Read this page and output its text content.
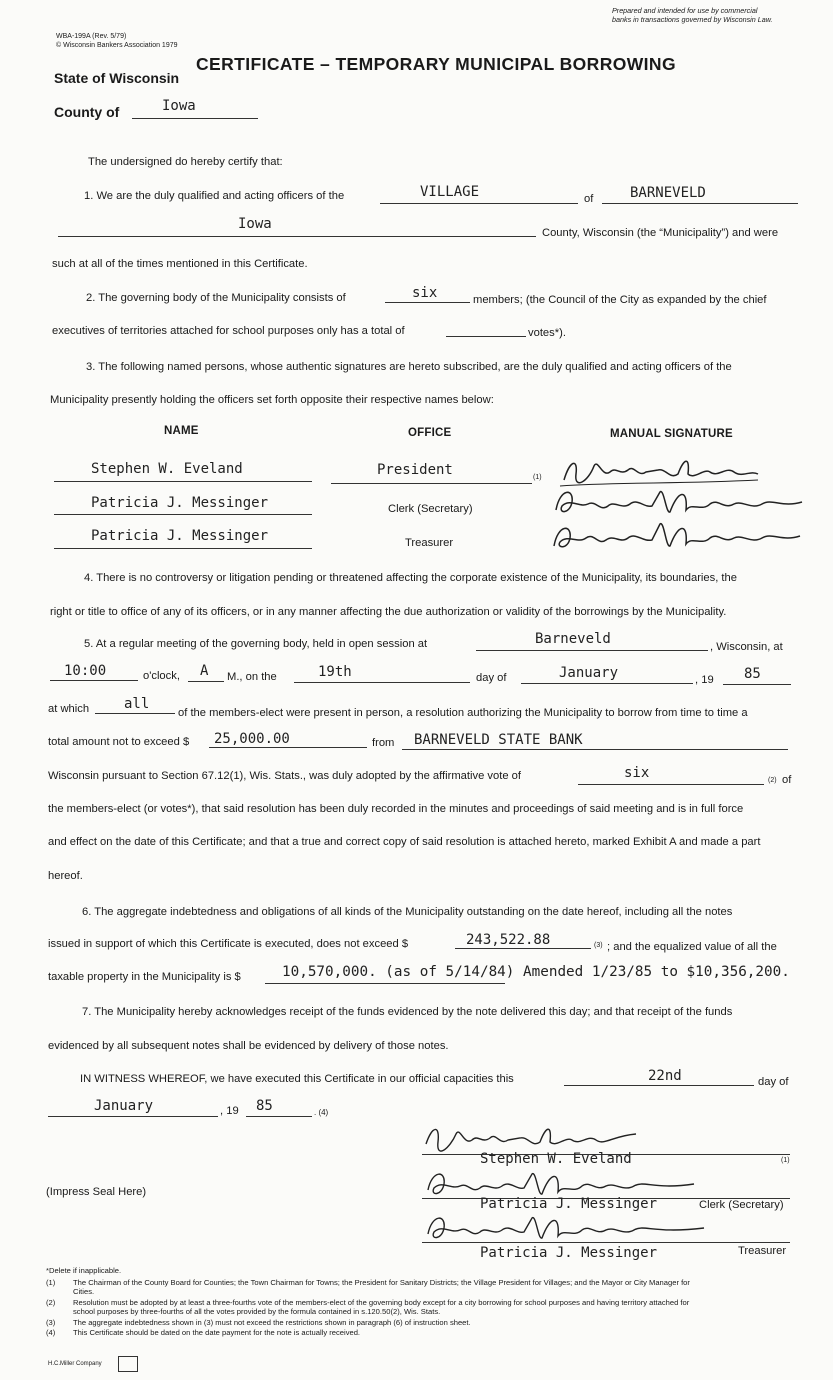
Prepared and intended for use by commercial
banks in transactions governed by Wisconsin Law.
WBA-199A (Rev. 5/79)
© Wisconsin Bankers Association 1979
CERTIFICATE – TEMPORARY MUNICIPAL BORROWING
State of Wisconsin
County of	Iowa
The undersigned do hereby certify that:
1. We are the duly qualified and acting officers of the	VILLAGE	of	BARNEVELD
Iowa
County, Wisconsin (the “Municipality”) and were
such at all of the times mentioned in this Certificate.
2. The governing body of the Municipality consists of	six	members; (the Council of the City as expanded by the chief
executives of territories attached for school purposes only has a total of	votes*).
3. The following named persons, whose authentic signatures are hereto subscribed, are the duly qualified and acting officers of the
Municipality presently holding the officers set forth opposite their respective names below:
NAME	OFFICE	MANUAL SIGNATURE
Stephen W. Eveland	President	(1)
Patricia J. Messinger	Clerk (Secretary)
Patricia J. Messinger	Treasurer
4. There is no controversy or litigation pending or threatened affecting the corporate existence of the Municipality, its boundaries, the
right or title to office of any of its officers, or in any manner affecting the due authorization or validity of the borrowings by the Municipality.
5. At a regular meeting of the governing body, held in open session at	Barneveld	, Wisconsin, at
10:00	o'clock, A M., on the	19th	day of	January	, 19 85
at which all
of the members-elect were present in person, a resolution authorizing the Municipality to borrow from time to time a
total amount not to exceed $ 25,000.00	from BARNEVELD STATE BANK
Wisconsin pursuant to Section 67.12(1), Wis. Stats., was duly adopted by the affirmative vote of	six	(2) of
the members-elect (or votes*), that said resolution has been duly recorded in the minutes and proceedings of said meeting and is in full force
and effect on the date of this Certificate; and that a true and correct copy of said resolution is attached hereto, marked Exhibit A and made a part
hereof.
6. The aggregate indebtedness and obligations of all kinds of the Municipality outstanding on the date hereof, including all the notes
issued in support of which this Certificate is executed, does not exceed $	243,522.88	(3) ; and the equalized value of all the
taxable property in the Municipality is $	10,570,000. (as of 5/14/84) Amended 1/23/85 to $10,356,200.
7. The Municipality hereby acknowledges receipt of the funds evidenced by the note delivered this day; and that receipt of the funds
evidenced by all subsequent notes shall be evidenced by delivery of those notes.
IN WITNESS WHEREOF, we have executed this Certificate in our official capacities this	22nd	day of
January	, 19 85	. (4)
(Impress Seal Here)
Stephen W. Eveland	(1)
Patricia J. Messinger	Clerk (Secretary)
Patricia J. Messinger	Treasurer
*Delete if inapplicable.
(1) The Chairman of the County Board for Counties; the Town Chairman for Towns; the President for Sanitary Districts; the Village President for Villages; and the Mayor or City Manager for
Cities.
(2) Resolution must be adopted by at least a three-fourths vote of the members-elect of the governing body except for a city borrowing for school purposes and having territory attached for
school purposes by three-fourths of all the votes provided by the formula contained in s.120.50(2), Wis. Stats.
(3) The aggregate indebtedness shown in (3) must not exceed the restrictions shown in paragraph (6) of instruction sheet.
(4) This Certificate should be dated on the date payment for the note is actually received.
H.C.Miller Company
